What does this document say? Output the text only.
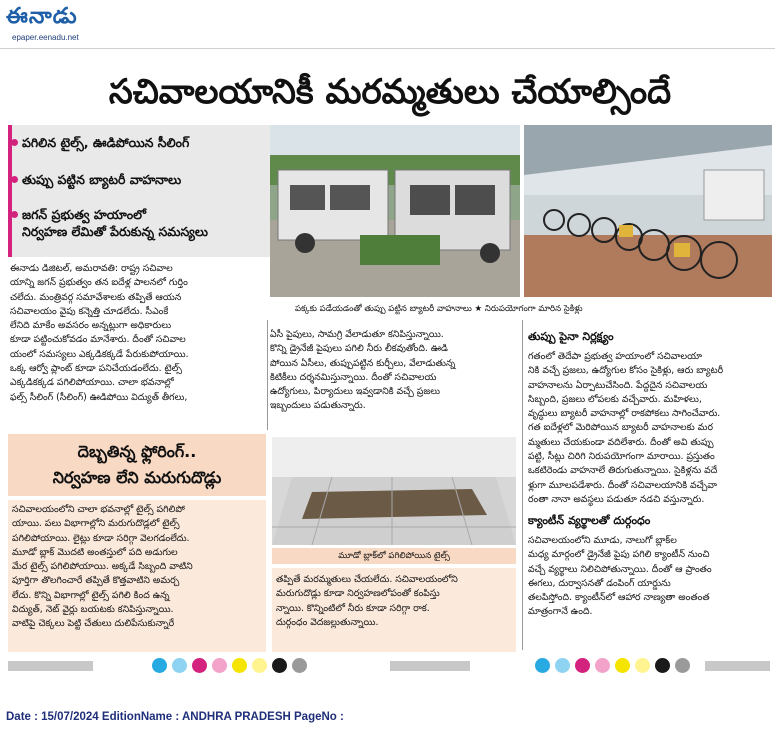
ఈనాడు
epaper.eenadu.net
సచివాలయానికీ మరమ్మతులు చేయాల్సిందే
పగిలిన టైల్స్, ఊడిపోయిన సీలింగ్
తుప్పు పట్టిన బ్యాటరీ వాహనాలు
జగన్ ప్రభుత్వ హయాంలో
నిర్వహణ లేమితో పేరుకున్న సమస్యలు
పక్కకు పడేయడంతో తుప్పు పట్టిన బ్యాటరీ వాహనాలు ★ నిరుపయోగంగా మారిన సైకిళ్లు
ఈనాడు డిజిటల్, అమరావతి: రాష్ట్ర సచివాల
యాన్ని జగన్ ప్రభుత్వం తన ఐదేళ్ల పాలనలో గుర్తిం
చలేదు. మంత్రివర్గ సమావేశాలకు తప్పితే ఆయన
సచివాలయం వైపు కన్నెత్తి చూడలేదు. సీఎంకే
లేనిది మాకేం అవసరం అన్నట్లుగా అధికారులు
కూడా పట్టించుకోవడం మానేశారు. దీంతో సచివాల
యంలో సమస్యలు ఎక్కడికక్కడే పేరుకుపోయాయి.
ఒక్క ఆర్వో ప్లాంట్ కూడా పనిచేయడంలేదు. టైల్స్
ఎక్కడికక్కడ పగిలిపోయాయి. చాలా భవనాల్లో
ఫల్స్ సీలింగ్ (సీలింగ్) ఊడిపోయి విద్యుత్ తీగలు,
ఏసీ పైపులు, సామగ్రి వేలాడుతూ కనిపిస్తున్నాయి.
కొన్ని డ్రైనేజీ పైపులు పగిలి నీరు లీకవుతోంది. ఊడి
పోయిన ఏసీలు, తుప్పుపట్టిన కుర్చీలు, వేలాడుతున్న
కిటికీలు దర్శనమిస్తున్నాయి. దీంతో సచివాలయ
ఉద్యోగులు, పిర్యాదులు ఇవ్వడానికి వచ్చే ప్రజలు
ఇబ్బందులు పడుతున్నారు.
తుప్పు పైనా నిర్లక్ష్యం
గతంలో తెదేపా ప్రభుత్వ హయాంలో సచివాలయా
నికి వచ్చే ప్రజలు, ఉద్యోగుల కోసం సైకిళ్లు, ఆరు బ్యాటరీ
వాహనాలను ఏర్పాటుచేసింది. పేద్దదైన సచివాలయ
సిబ్బంది, ప్రజలు లోపలకు వచ్చేవారు. మహిళలు,
వృద్ధులు బ్యాటరీ వాహనాల్లో రాకపోకలు సాగించేవారు.
గత ఐదేళ్లలో మెరిపోయిన బ్యాటరీ వాహనాలకు మర
మ్మతులు చేయకుండా వదిలేశారు. దీంతో అవి తుప్పు
పట్టి, సీట్లు చిరిగి నిరుపయోగంగా మారాయి. ప్రస్తుతం
ఒకటిరెండు వాహనాలే తిరుగుతున్నాయి. సైకిళ్లను వదే
ళ్లుగా మూలపడేశారు. దీంతో సచివాలయానికి వచ్చేవా
రంతా నానా అవస్థలు పడుతూ నడచి వస్తున్నారు.
క్యాంటీన్ వ్యర్థాలతో దుర్గంధం
సచివాలయంలోని మూడు, నాలుగో బ్లాక్‌ల
మధ్య మార్గంలో డ్రైనేజీ పైపు పగిలి క్యాంటీన్ నుంచి
వచ్చే వ్యర్థాలు నిలిచిపోతున్నాయి. దీంతో ఆ ప్రాంతం
ఈగలు, దుర్వాసనతో డంపింగ్ యార్డును
తలపిస్తోంది. క్యాంటీన్‌లో ఆహార నాణ్యతా అంతంత
మాత్రంగానే ఉంది.
దెబ్బతిన్న ఫ్లోరింగ్..
నిర్వహణ లేని మరుగుదొడ్లు
మూడో బ్లాక్‌లో పగిలిపోయిన టైల్స్
సచివాలయంలోని చాలా భవనాల్లో టైల్స్ పగిలిపో
యాయి. పలు విభాగాల్లోని మరుగుదొడ్లలో టైల్స్
పగిలిపోయాయి. లైట్లు కూడా సరిగ్గా వెలగడంలేదు.
మూడో బ్లాక్ మొదటి అంతస్తులో పది అడుగుల
మేర టైల్స్ పగిలిపోయాయి. అక్కడే సిబ్బంది వాటిని
పూర్తిగా తొలగించారే తప్పితే కొత్తవాటిని అమర్చ
లేదు. కొన్ని విభాగాల్లో టైల్స్ పగిలి కింద ఉన్న
విద్యుత్, నెట్ వైర్లు బయటకు కనిపిస్తున్నాయి.
వాటిపై చెక్కలు పెట్టి చేతులు దులిపేసుకున్నారే
తప్పితే మరమ్మతులు చేయలేదు. సచివాలయంలోని
మరుగుదొడ్లు కూడా నిర్వహణలోపంతో కంపిస్తు
న్నాయి. కొన్నింటిలో నీరు కూడా సరిగ్గా రాక.
దుర్గంధం వెదజల్లుతున్నాయి.
Date : 15/07/2024 EditionName : ANDHRA PRADESH PageNo :
